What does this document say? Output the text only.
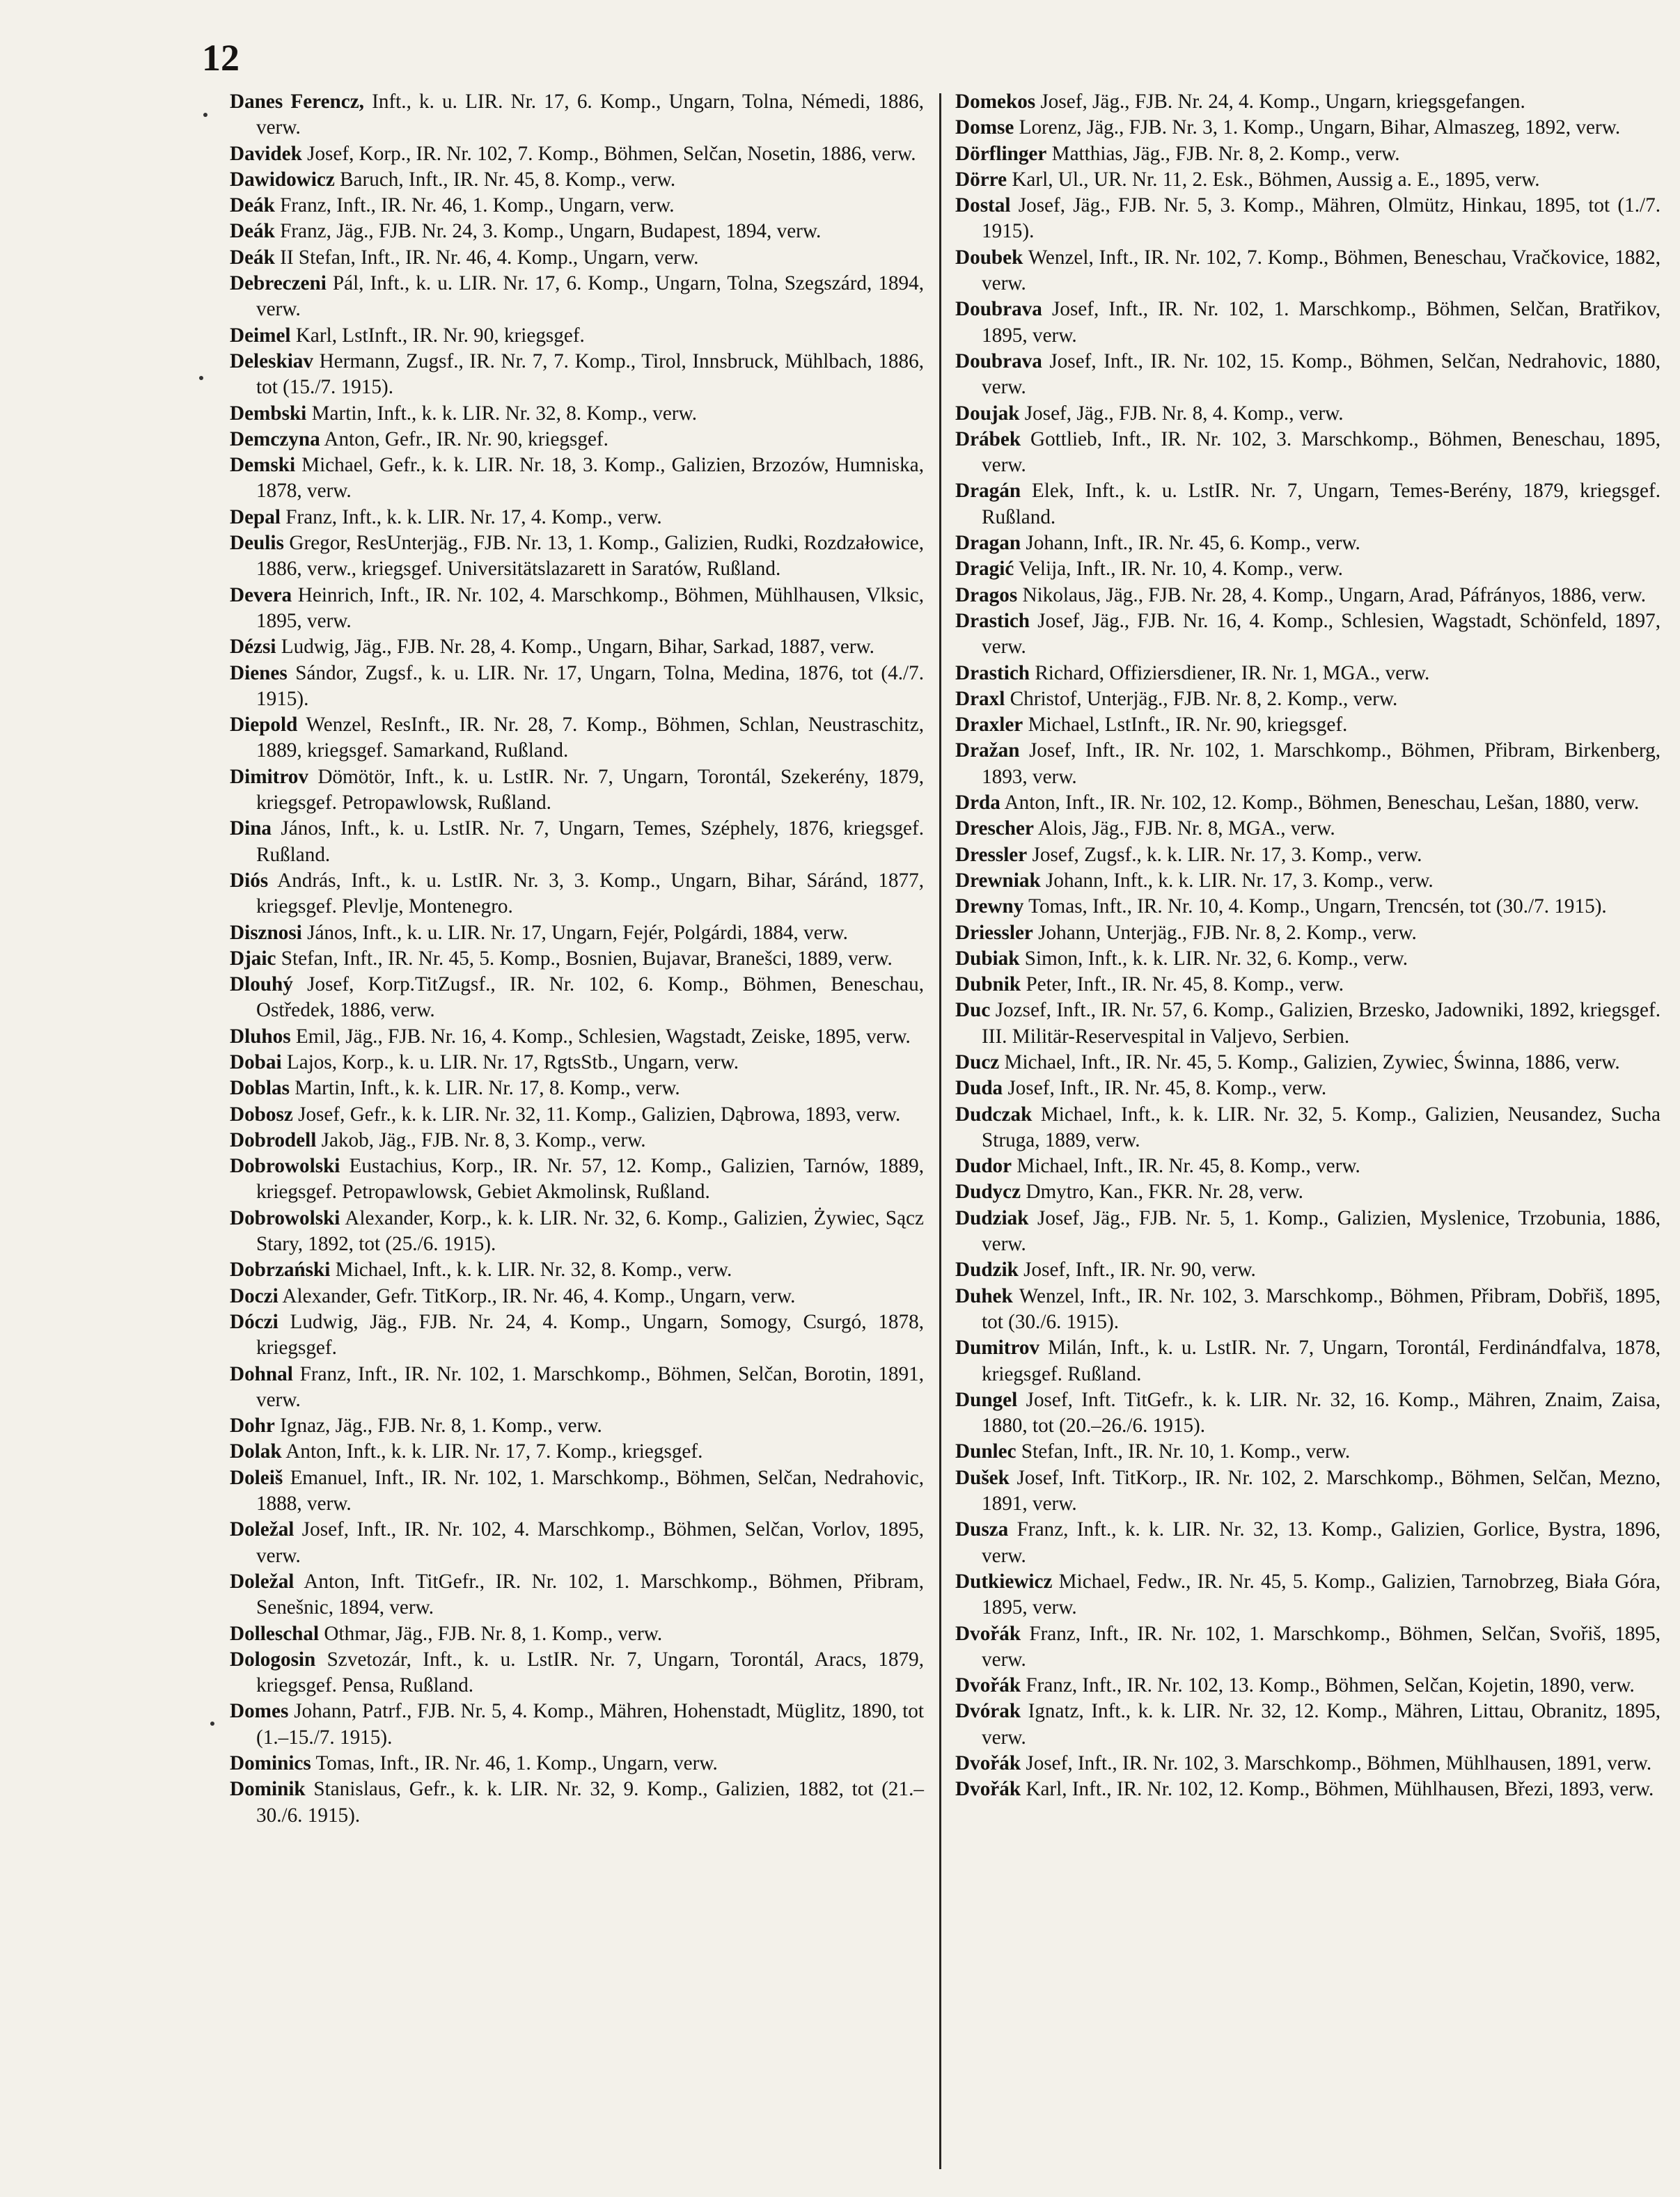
12

Danes Ferencz, Inft., k. u. LIR. Nr. 17, 6. Komp., Ungarn, Tolna, Némedi, 1886, verw.

Davidek Josef, Korp., IR. Nr. 102, 7. Komp., Böhmen, Selčan, Nosetin, 1886, verw.

Dawidowicz Baruch, Inft., IR. Nr. 45, 8. Komp., verw.

Deák Franz, Inft., IR. Nr. 46, 1. Komp., Ungarn, verw.

Deák Franz, Jäg., FJB. Nr. 24, 3. Komp., Ungarn, Budapest, 1894, verw.

Deák II Stefan, Inft., IR. Nr. 46, 4. Komp., Ungarn, verw.

Debreczeni Pál, Inft., k. u. LIR. Nr. 17, 6. Komp., Ungarn, Tolna, Szegszárd, 1894, verw.

Deimel Karl, LstInft., IR. Nr. 90, kriegsgef.

Deleskiav Hermann, Zugsf., IR. Nr. 7, 7. Komp., Tirol, Innsbruck, Mühlbach, 1886, tot (15./7. 1915).

Dembski Martin, Inft., k. k. LIR. Nr. 32, 8. Komp., verw.

Demczyna Anton, Gefr., IR. Nr. 90, kriegsgef.

Demski Michael, Gefr., k. k. LIR. Nr. 18, 3. Komp., Galizien, Brzozów, Humniska, 1878, verw.

Depal Franz, Inft., k. k. LIR. Nr. 17, 4. Komp., verw.

Deulis Gregor, ResUnterjäg., FJB. Nr. 13, 1. Komp., Galizien, Rudki, Rozdzałowice, 1886, verw., kriegsgef. Universitätslazarett in Saratów, Rußland.

Devera Heinrich, Inft., IR. Nr. 102, 4. Marschkomp., Böhmen, Mühlhausen, Vlksic, 1895, verw.

Dézsi Ludwig, Jäg., FJB. Nr. 28, 4. Komp., Ungarn, Bihar, Sarkad, 1887, verw.

Dienes Sándor, Zugsf., k. u. LIR. Nr. 17, Ungarn, Tolna, Medina, 1876, tot (4./7. 1915).

Diepold Wenzel, ResInft., IR. Nr. 28, 7. Komp., Böhmen, Schlan, Neustraschitz, 1889, kriegsgef. Samarkand, Rußland.

Dimitrov Dömötör, Inft., k. u. LstIR. Nr. 7, Ungarn, Torontál, Szekerény, 1879, kriegsgef. Petropawlowsk, Rußland.

Dina János, Inft., k. u. LstIR. Nr. 7, Ungarn, Temes, Széphely, 1876, kriegsgef. Rußland.

Diós András, Inft., k. u. LstIR. Nr. 3, 3. Komp., Ungarn, Bihar, Sáránd, 1877, kriegsgef. Plevlje, Montenegro.

Disznosi János, Inft., k. u. LIR. Nr. 17, Ungarn, Fejér, Polgárdi, 1884, verw.

Djaic Stefan, Inft., IR. Nr. 45, 5. Komp., Bosnien, Bujavar, Branešci, 1889, verw.

Dlouhý Josef, Korp.TitZugsf., IR. Nr. 102, 6. Komp., Böhmen, Beneschau, Ostředek, 1886, verw.

Dluhos Emil, Jäg., FJB. Nr. 16, 4. Komp., Schlesien, Wagstadt, Zeiske, 1895, verw.

Dobai Lajos, Korp., k. u. LIR. Nr. 17, RgtsStb., Ungarn, verw.

Doblas Martin, Inft., k. k. LIR. Nr. 17, 8. Komp., verw.

Dobosz Josef, Gefr., k. k. LIR. Nr. 32, 11. Komp., Galizien, Dąbrowa, 1893, verw.

Dobrodell Jakob, Jäg., FJB. Nr. 8, 3. Komp., verw.

Dobrowolski Eustachius, Korp., IR. Nr. 57, 12. Komp., Galizien, Tarnów, 1889, kriegsgef. Petropawlowsk, Gebiet Akmolinsk, Rußland.

Dobrowolski Alexander, Korp., k. k. LIR. Nr. 32, 6. Komp., Galizien, Żywiec, Sącz Stary, 1892, tot (25./6. 1915).

Dobrzański Michael, Inft., k. k. LIR. Nr. 32, 8. Komp., verw.

Doczi Alexander, Gefr. TitKorp., IR. Nr. 46, 4. Komp., Ungarn, verw.

Dóczi Ludwig, Jäg., FJB. Nr. 24, 4. Komp., Ungarn, Somogy, Csurgó, 1878, kriegsgef.

Dohnal Franz, Inft., IR. Nr. 102, 1. Marschkomp., Böhmen, Selčan, Borotin, 1891, verw.

Dohr Ignaz, Jäg., FJB. Nr. 8, 1. Komp., verw.

Dolak Anton, Inft., k. k. LIR. Nr. 17, 7. Komp., kriegsgef.

Doleiš Emanuel, Inft., IR. Nr. 102, 1. Marschkomp., Böhmen, Selčan, Nedrahovic, 1888, verw.

Doležal Josef, Inft., IR. Nr. 102, 4. Marschkomp., Böhmen, Selčan, Vorlov, 1895, verw.

Doležal Anton, Inft. TitGefr., IR. Nr. 102, 1. Marschkomp., Böhmen, Přibram, Senešnic, 1894, verw.

Dolleschal Othmar, Jäg., FJB. Nr. 8, 1. Komp., verw.

Dologosin Szvetozár, Inft., k. u. LstIR. Nr. 7, Ungarn, Torontál, Aracs, 1879, kriegsgef. Pensa, Rußland.

Domes Johann, Patrf., FJB. Nr. 5, 4. Komp., Mähren, Hohenstadt, Müglitz, 1890, tot (1.–15./7. 1915).

Dominics Tomas, Inft., IR. Nr. 46, 1. Komp., Ungarn, verw.

Dominik Stanislaus, Gefr., k. k. LIR. Nr. 32, 9. Komp., Galizien, 1882, tot (21.–30./6. 1915).

Domekos Josef, Jäg., FJB. Nr. 24, 4. Komp., Ungarn, kriegsgefangen.

Domse Lorenz, Jäg., FJB. Nr. 3, 1. Komp., Ungarn, Bihar, Almaszeg, 1892, verw.

Dörflinger Matthias, Jäg., FJB. Nr. 8, 2. Komp., verw.

Dörre Karl, Ul., UR. Nr. 11, 2. Esk., Böhmen, Aussig a. E., 1895, verw.

Dostal Josef, Jäg., FJB. Nr. 5, 3. Komp., Mähren, Olmütz, Hinkau, 1895, tot (1./7. 1915).

Doubek Wenzel, Inft., IR. Nr. 102, 7. Komp., Böhmen, Beneschau, Vračkovice, 1882, verw.

Doubrava Josef, Inft., IR. Nr. 102, 1. Marschkomp., Böhmen, Selčan, Bratřikov, 1895, verw.

Doubrava Josef, Inft., IR. Nr. 102, 15. Komp., Böhmen, Selčan, Nedrahovic, 1880, verw.

Doujak Josef, Jäg., FJB. Nr. 8, 4. Komp., verw.

Drábek Gottlieb, Inft., IR. Nr. 102, 3. Marschkomp., Böhmen, Beneschau, 1895, verw.

Dragán Elek, Inft., k. u. LstIR. Nr. 7, Ungarn, Temes-Berény, 1879, kriegsgef. Rußland.

Dragan Johann, Inft., IR. Nr. 45, 6. Komp., verw.

Dragić Velija, Inft., IR. Nr. 10, 4. Komp., verw.

Dragos Nikolaus, Jäg., FJB. Nr. 28, 4. Komp., Ungarn, Arad, Páfrányos, 1886, verw.

Drastich Josef, Jäg., FJB. Nr. 16, 4. Komp., Schlesien, Wagstadt, Schönfeld, 1897, verw.

Drastich Richard, Offiziersdiener, IR. Nr. 1, MGA., verw.

Draxl Christof, Unterjäg., FJB. Nr. 8, 2. Komp., verw.

Draxler Michael, LstInft., IR. Nr. 90, kriegsgef.

Dražan Josef, Inft., IR. Nr. 102, 1. Marschkomp., Böhmen, Přibram, Birkenberg, 1893, verw.

Drda Anton, Inft., IR. Nr. 102, 12. Komp., Böhmen, Beneschau, Lešan, 1880, verw.

Drescher Alois, Jäg., FJB. Nr. 8, MGA., verw.

Dressler Josef, Zugsf., k. k. LIR. Nr. 17, 3. Komp., verw.

Drewniak Johann, Inft., k. k. LIR. Nr. 17, 3. Komp., verw.

Drewny Tomas, Inft., IR. Nr. 10, 4. Komp., Ungarn, Trencsén, tot (30./7. 1915).

Driessler Johann, Unterjäg., FJB. Nr. 8, 2. Komp., verw.

Dubiak Simon, Inft., k. k. LIR. Nr. 32, 6. Komp., verw.

Dubnik Peter, Inft., IR. Nr. 45, 8. Komp., verw.

Duc Jozsef, Inft., IR. Nr. 57, 6. Komp., Galizien, Brzesko, Jadowniki, 1892, kriegsgef. III. Militär-Reservespital in Valjevo, Serbien.

Ducz Michael, Inft., IR. Nr. 45, 5. Komp., Galizien, Zywiec, Świnna, 1886, verw.

Duda Josef, Inft., IR. Nr. 45, 8. Komp., verw.

Dudczak Michael, Inft., k. k. LIR. Nr. 32, 5. Komp., Galizien, Neusandez, Sucha Struga, 1889, verw.

Dudor Michael, Inft., IR. Nr. 45, 8. Komp., verw.

Dudycz Dmytro, Kan., FKR. Nr. 28, verw.

Dudziak Josef, Jäg., FJB. Nr. 5, 1. Komp., Galizien, Myslenice, Trzobunia, 1886, verw.

Dudzik Josef, Inft., IR. Nr. 90, verw.

Duhek Wenzel, Inft., IR. Nr. 102, 3. Marschkomp., Böhmen, Přibram, Dobřiš, 1895, tot (30./6. 1915).

Dumitrov Milán, Inft., k. u. LstIR. Nr. 7, Ungarn, Torontál, Ferdinándfalva, 1878, kriegsgef. Rußland.

Dungel Josef, Inft. TitGefr., k. k. LIR. Nr. 32, 16. Komp., Mähren, Znaim, Zaisa, 1880, tot (20.–26./6. 1915).

Dunlec Stefan, Inft., IR. Nr. 10, 1. Komp., verw.

Dušek Josef, Inft. TitKorp., IR. Nr. 102, 2. Marschkomp., Böhmen, Selčan, Mezno, 1891, verw.

Dusza Franz, Inft., k. k. LIR. Nr. 32, 13. Komp., Galizien, Gorlice, Bystra, 1896, verw.

Dutkiewicz Michael, Fedw., IR. Nr. 45, 5. Komp., Galizien, Tarnobrzeg, Biała Góra, 1895, verw.

Dvořák Franz, Inft., IR. Nr. 102, 1. Marschkomp., Böhmen, Selčan, Svořiš, 1895, verw.

Dvořák Franz, Inft., IR. Nr. 102, 13. Komp., Böhmen, Selčan, Kojetin, 1890, verw.

Dvórak Ignatz, Inft., k. k. LIR. Nr. 32, 12. Komp., Mähren, Littau, Obranitz, 1895, verw.

Dvořák Josef, Inft., IR. Nr. 102, 3. Marschkomp., Böhmen, Mühlhausen, 1891, verw.

Dvořák Karl, Inft., IR. Nr. 102, 12. Komp., Böhmen, Mühlhausen, Březi, 1893, verw.
